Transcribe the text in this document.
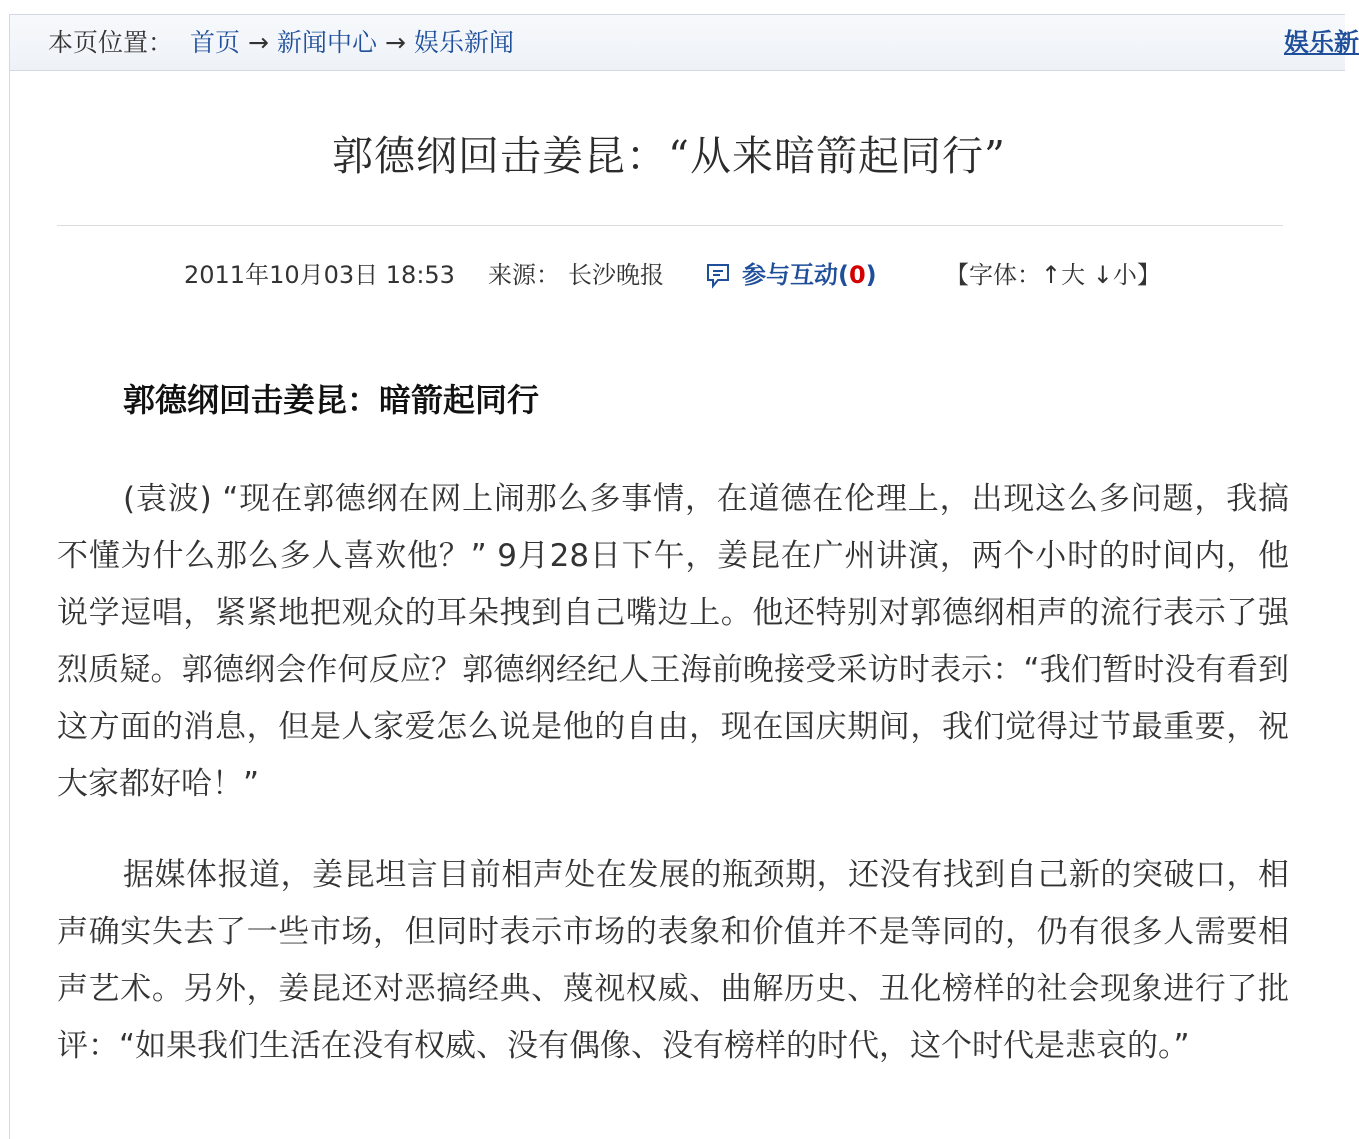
本页位置： 首页 → 新闻中心 → 娱乐新闻	娱乐新
郭德纲回击姜昆：“从来暗箭起同行”
2011年10月03日 18:53 来源： 长沙晚报	参与互动(0)	【字体：↑大 ↓小】
郭德纲回击姜昆：暗箭起同行

(袁波) “现在郭德纲在网上闹那么多事情，在道德在伦理上，出现这么多问题，我搞不懂为什么那么多人喜欢他？” 9月28日下午，姜昆在广州讲演，两个小时的时间内，他说学逗唱，紧紧地把观众的耳朵拽到自己嘴边上。他还特别对郭德纲相声的流行表示了强烈质疑。郭德纲会作何反应？郭德纲经纪人王海前晚接受采访时表示：“我们暂时没有看到这方面的消息，但是人家爱怎么说是他的自由，现在国庆期间，我们觉得过节最重要，祝大家都好哈！”

据媒体报道，姜昆坦言目前相声处在发展的瓶颈期，还没有找到自己新的突破口，相声确实失去了一些市场，但同时表示市场的表象和价值并不是等同的，仍有很多人需要相声艺术。另外，姜昆还对恶搞经典、蔑视权威、曲解历史、丑化榜样的社会现象进行了批评：“如果我们生活在没有权威、没有偶像、没有榜样的时代，这个时代是悲哀的。”
